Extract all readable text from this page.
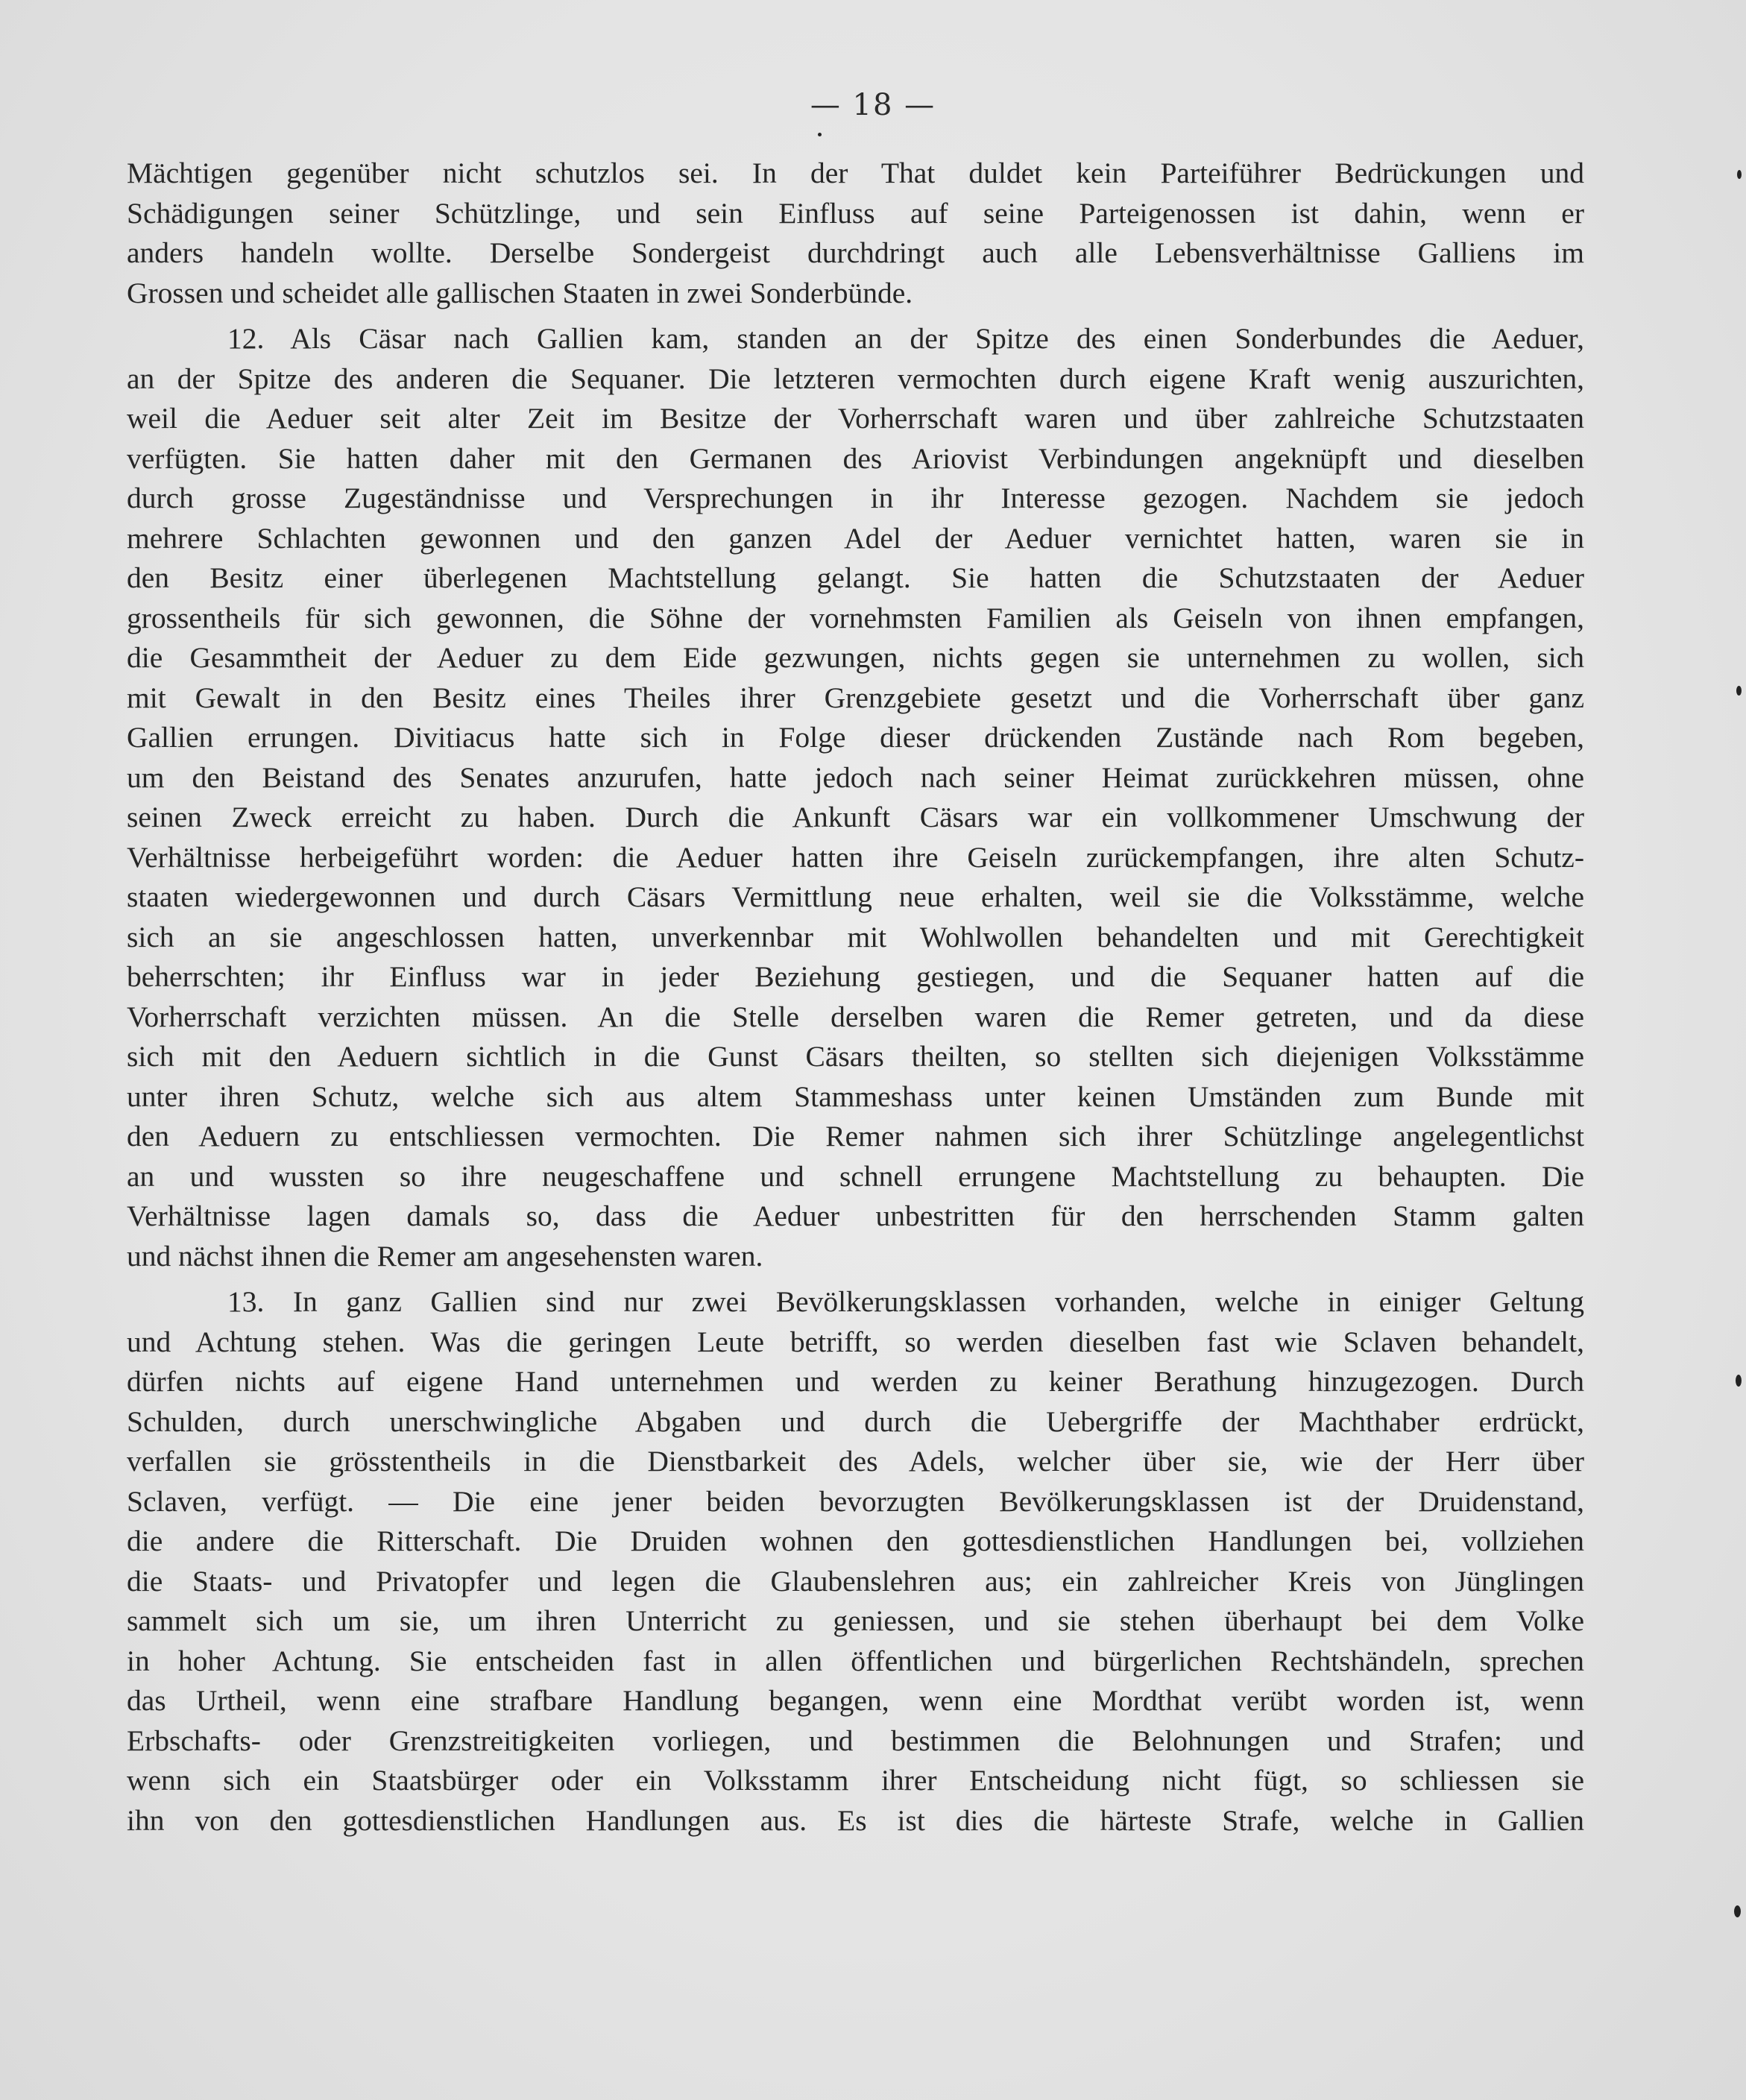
— 18 —
Mächtigen gegenüber nicht schutzlos sei. In der That duldet kein Parteiführer Bedrückungen und
Schädigungen seiner Schützlinge, und sein Einfluss auf seine Parteigenossen ist dahin, wenn er
anders handeln wollte. Derselbe Sondergeist durchdringt auch alle Lebensverhältnisse Galliens im
Grossen und scheidet alle gallischen Staaten in zwei Sonderbünde.
12. Als Cäsar nach Gallien kam, standen an der Spitze des einen Sonderbundes die Aeduer,
an der Spitze des anderen die Sequaner. Die letzteren vermochten durch eigene Kraft wenig auszurichten,
weil die Aeduer seit alter Zeit im Besitze der Vorherrschaft waren und über zahlreiche Schutzstaaten
verfügten. Sie hatten daher mit den Germanen des Ariovist Verbindungen angeknüpft und dieselben
durch grosse Zugeständnisse und Versprechungen in ihr Interesse gezogen. Nachdem sie jedoch
mehrere Schlachten gewonnen und den ganzen Adel der Aeduer vernichtet hatten, waren sie in
den Besitz einer überlegenen Machtstellung gelangt. Sie hatten die Schutzstaaten der Aeduer
grossentheils für sich gewonnen, die Söhne der vornehmsten Familien als Geiseln von ihnen empfangen,
die Gesammtheit der Aeduer zu dem Eide gezwungen, nichts gegen sie unternehmen zu wollen, sich
mit Gewalt in den Besitz eines Theiles ihrer Grenzgebiete gesetzt und die Vorherrschaft über ganz
Gallien errungen. Divitiacus hatte sich in Folge dieser drückenden Zustände nach Rom begeben,
um den Beistand des Senates anzurufen, hatte jedoch nach seiner Heimat zurückkehren müssen, ohne
seinen Zweck erreicht zu haben. Durch die Ankunft Cäsars war ein vollkommener Umschwung der
Verhältnisse herbeigeführt worden: die Aeduer hatten ihre Geiseln zurückempfangen, ihre alten Schutz-
staaten wiedergewonnen und durch Cäsars Vermittlung neue erhalten, weil sie die Volksstämme, welche
sich an sie angeschlossen hatten, unverkennbar mit Wohlwollen behandelten und mit Gerechtigkeit
beherrschten; ihr Einfluss war in jeder Beziehung gestiegen, und die Sequaner hatten auf die
Vorherrschaft verzichten müssen. An die Stelle derselben waren die Remer getreten, und da diese
sich mit den Aeduern sichtlich in die Gunst Cäsars theilten, so stellten sich diejenigen Volksstämme
unter ihren Schutz, welche sich aus altem Stammeshass unter keinen Umständen zum Bunde mit
den Aeduern zu entschliessen vermochten. Die Remer nahmen sich ihrer Schützlinge angelegentlichst
an und wussten so ihre neugeschaffene und schnell errungene Machtstellung zu behaupten. Die
Verhältnisse lagen damals so, dass die Aeduer unbestritten für den herrschenden Stamm galten
und nächst ihnen die Remer am angesehensten waren.
13. In ganz Gallien sind nur zwei Bevölkerungsklassen vorhanden, welche in einiger Geltung
und Achtung stehen. Was die geringen Leute betrifft, so werden dieselben fast wie Sclaven behandelt,
dürfen nichts auf eigene Hand unternehmen und werden zu keiner Berathung hinzugezogen. Durch
Schulden, durch unerschwingliche Abgaben und durch die Uebergriffe der Machthaber erdrückt,
verfallen sie grösstentheils in die Dienstbarkeit des Adels, welcher über sie, wie der Herr über
Sclaven, verfügt. — Die eine jener beiden bevorzugten Bevölkerungsklassen ist der Druidenstand,
die andere die Ritterschaft. Die Druiden wohnen den gottesdienstlichen Handlungen bei, vollziehen
die Staats- und Privatopfer und legen die Glaubenslehren aus; ein zahlreicher Kreis von Jünglingen
sammelt sich um sie, um ihren Unterricht zu geniessen, und sie stehen überhaupt bei dem Volke
in hoher Achtung. Sie entscheiden fast in allen öffentlichen und bürgerlichen Rechtshändeln, sprechen
das Urtheil, wenn eine strafbare Handlung begangen, wenn eine Mordthat verübt worden ist, wenn
Erbschafts- oder Grenzstreitigkeiten vorliegen, und bestimmen die Belohnungen und Strafen; und
wenn sich ein Staatsbürger oder ein Volksstamm ihrer Entscheidung nicht fügt, so schliessen sie
ihn von den gottesdienstlichen Handlungen aus. Es ist dies die härteste Strafe, welche in Gallien
